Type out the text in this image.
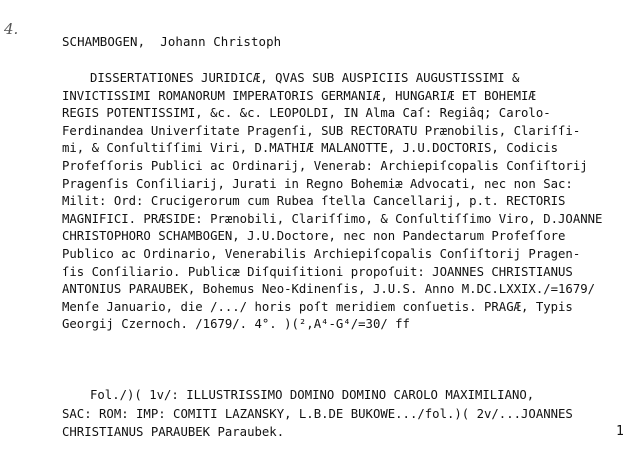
4.
SCHAMBOGEN,  Johann Christoph
DISSERTATIONES JURIDICÆ, QVAS SUB AUSPICIIS AUGUSTISSIMI &
INVICTISSIMI ROMANORUM IMPERATORIS GERMANIÆ, HUNGARIÆ ET BOHEMIÆ
REGIS POTENTISSIMI, &c. &c. LEOPOLDI, IN Alma Caſ: Regiâq; Carolo-
Ferdinandea Univerſitate Pragenſi, SUB RECTORATU Prænobilis, Clariſſi-
mi, & Conſultiſſimi Viri, D.MATHIÆ MALANOTTE, J.U.DOCTORIS, Codicis
Profeſſoris Publici ac Ordinarij, Venerab: Archiepiſcopalis Conſiſtorij
Pragenſis Conſiliarij, Jurati in Regno Bohemiæ Advocati, nec non Sac:
Milit: Ord: Crucigerorum cum Rubea ſtella Cancellarij, p.t. RECTORIS
MAGNIFICI. PRÆSIDE: Prænobili, Clariſſimo, & Conſultiſſimo Viro, D.JOANNE
CHRISTOPHORO SCHAMBOGEN, J.U.Doctore, nec non Pandectarum Profeſſore
Publico ac Ordinario, Venerabilis Archiepiſcopalis Conſiſtorij Pragen-
ſis Conſiliario. Publicæ Diſquiſitioni propoſuit: JOANNES CHRISTIANUS
ANTONIUS PARAUBEK, Bohemus Neo-Kdinenſis, J.U.S. Anno M.DC.LXXIX./=1679/
Menſe Januario, die /.../ horis poſt meridiem conſuetis. PRAGÆ, Typis
Georgij Czernoch. /1679/. 4°. )(²,A⁴-G⁴/=30/ ff
Fol./)( 1v/: ILLUSTRISSIMO DOMINO DOMINO CAROLO MAXIMILIANO,
SAC: ROM: IMP: COMITI LAZANSKY, L.B.DE BUKOWE.../fol.)( 2v/...JOANNES
CHRISTIANUS PARAUBEK Paraubek.	1
